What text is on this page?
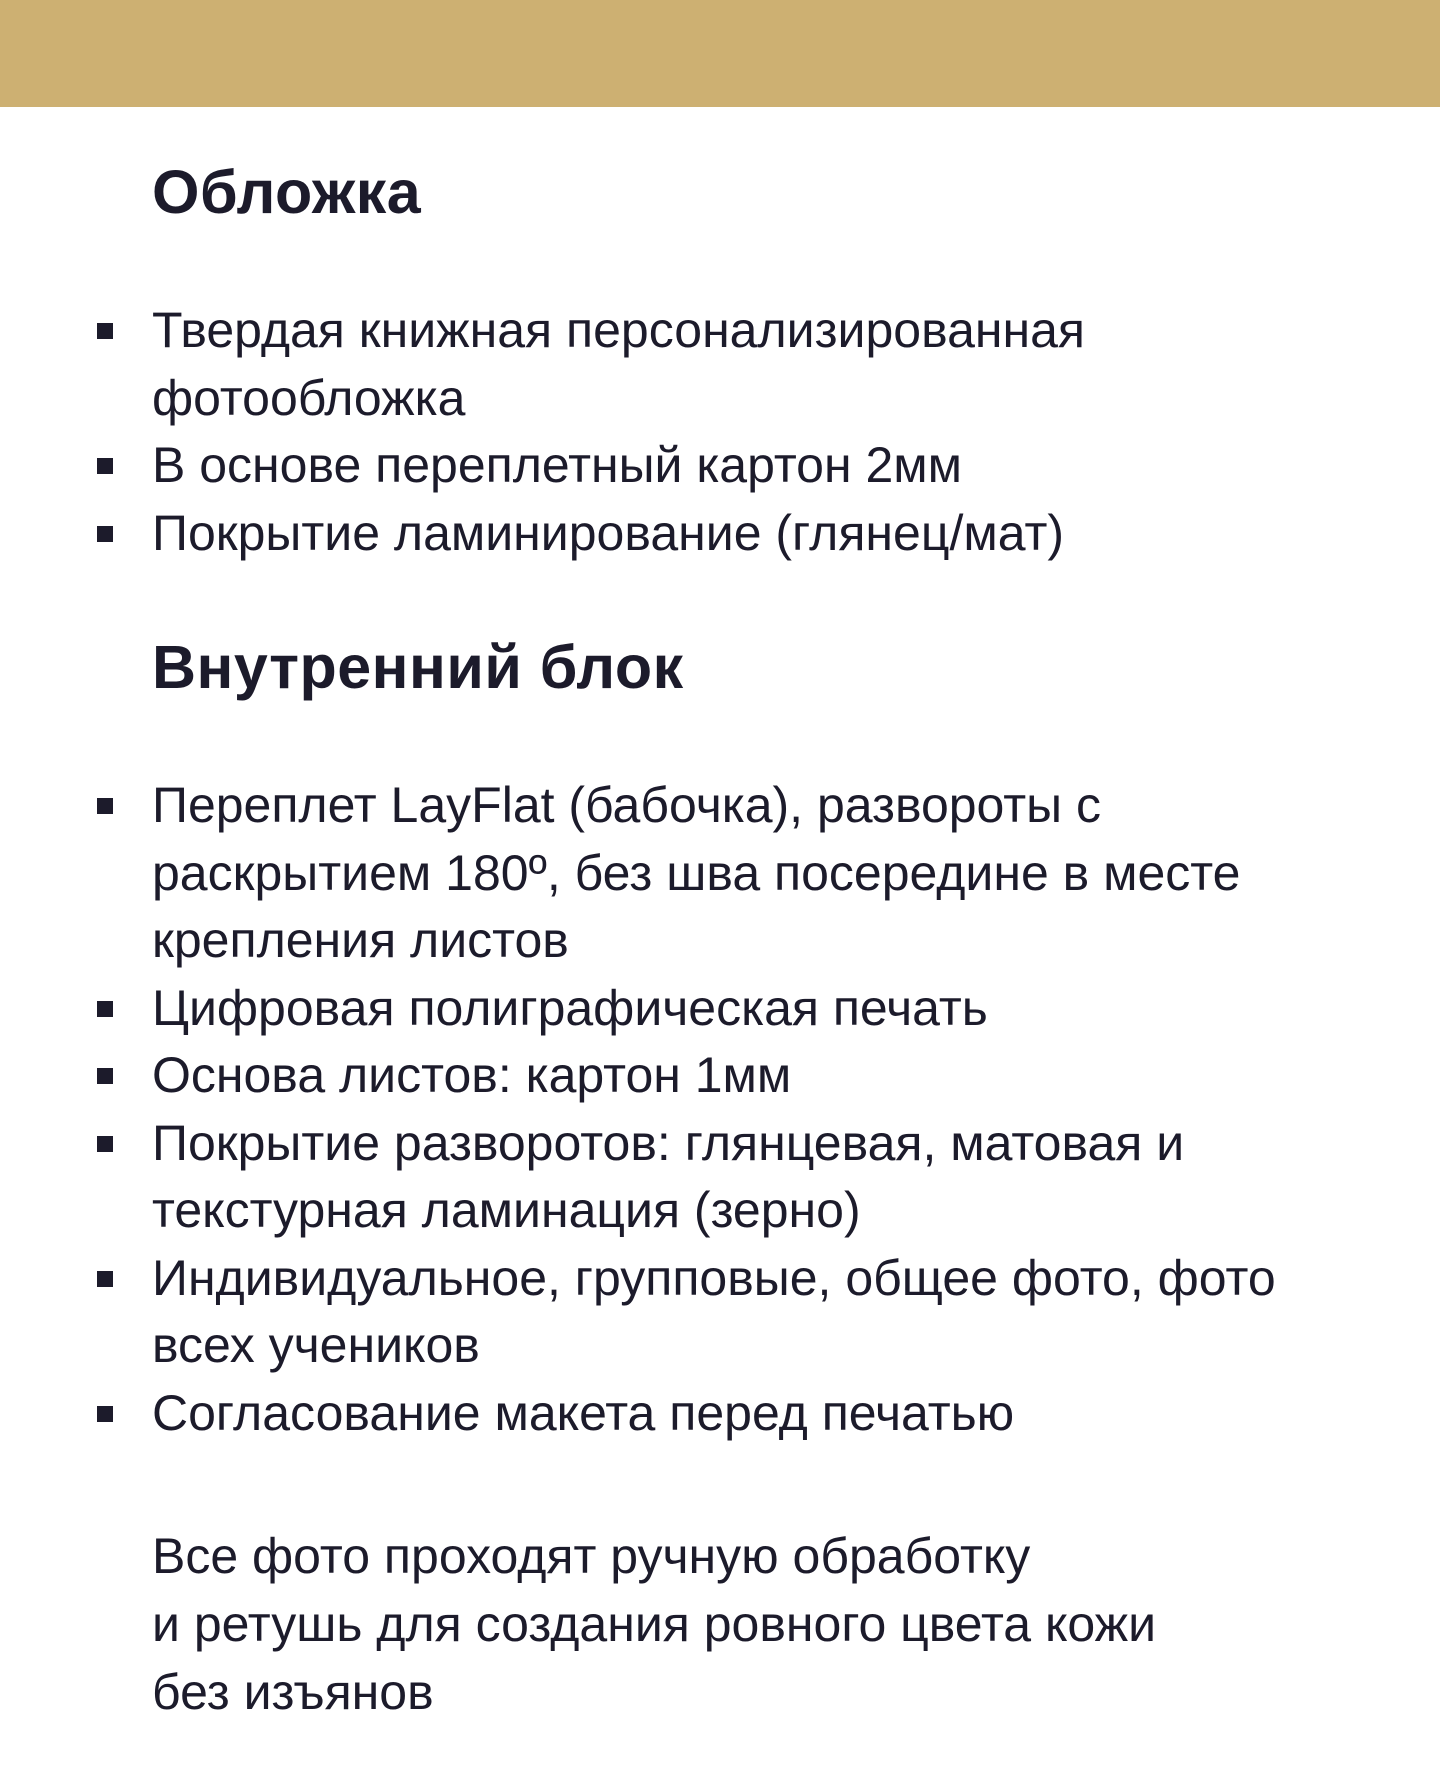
Обложка
Твердая книжная персонализированная фотообложка
В основе переплетный картон 2мм
Покрытие ламинирование (глянец/мат)
Внутренний блок
Переплет LayFlat (бабочка), развороты с раскрытием 180º, без шва посередине в месте крепления листов
Цифровая полиграфическая печать
Основа листов: картон 1мм
Покрытие разворотов: глянцевая, матовая и текстурная ламинация (зерно)
Индивидуальное, групповые, общее фото, фото всех учеников
Согласование макета перед печатью

Все фото проходят ручную обработку
и ретушь для создания ровного цвета кожи
без изъянов
